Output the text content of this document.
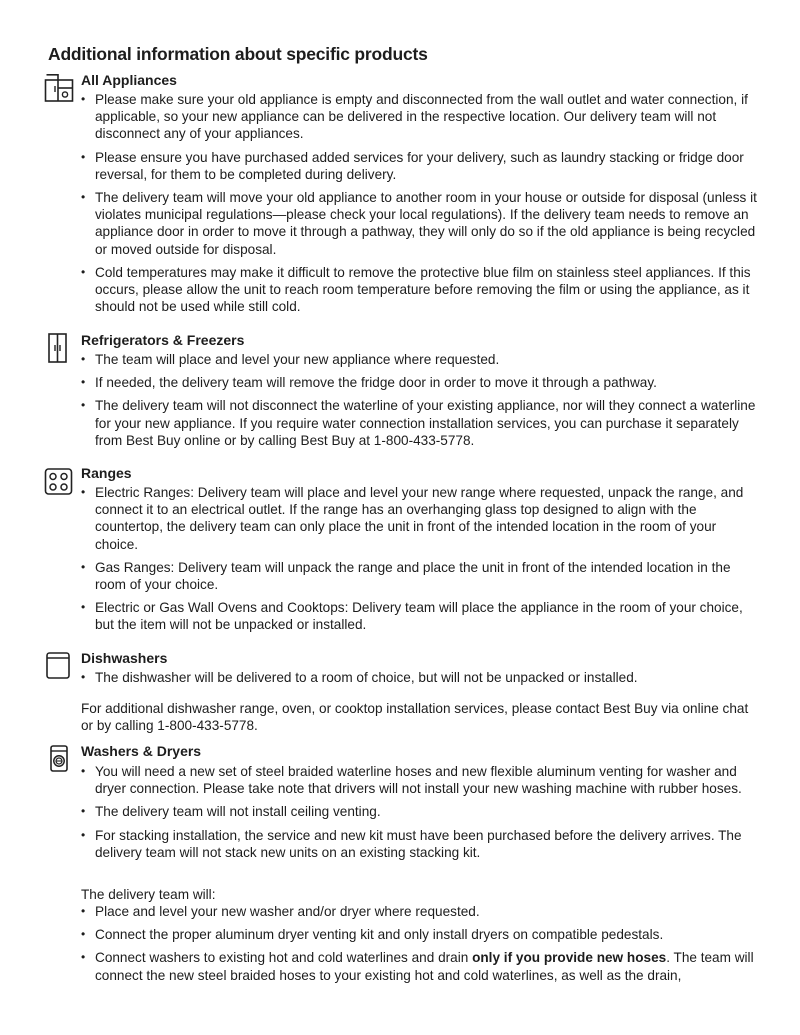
Additional information about specific products
All Appliances
• Please make sure your old appliance is empty and disconnected from the wall outlet and water connection, if applicable, so your new appliance can be delivered in the respective location. Our delivery team will not disconnect any of your appliances.
• Please ensure you have purchased added services for your delivery, such as laundry stacking or fridge door reversal, for them to be completed during delivery.
• The delivery team will move your old appliance to another room in your house or outside for disposal (unless it violates municipal regulations—please check your local regulations). If the delivery team needs to remove an appliance door in order to move it through a pathway, they will only do so if the old appliance is being recycled or moved outside for disposal.
• Cold temperatures may make it difficult to remove the protective blue film on stainless steel appliances. If this occurs, please allow the unit to reach room temperature before removing the film or using the appliance, as it should not be used while still cold.
Refrigerators & Freezers
• The team will place and level your new appliance where requested.
• If needed, the delivery team will remove the fridge door in order to move it through a pathway.
• The delivery team will not disconnect the waterline of your existing appliance, nor will they connect a waterline for your new appliance. If you require water connection installation services, you can purchase it separately from Best Buy online or by calling Best Buy at 1-800-433-5778.
Ranges
• Electric Ranges: Delivery team will place and level your new range where requested, unpack the range, and connect it to an electrical outlet. If the range has an overhanging glass top designed to align with the countertop, the delivery team can only place the unit in front of the intended location in the room of your choice.
• Gas Ranges: Delivery team will unpack the range and place the unit in front of the intended location in the room of your choice.
• Electric or Gas Wall Ovens and Cooktops: Delivery team will place the appliance in the room of your choice, but the item will not be unpacked or installed.
Dishwashers
• The dishwasher will be delivered to a room of choice, but will not be unpacked or installed.

For additional dishwasher range, oven, or cooktop installation services, please contact Best Buy via online chat or by calling 1-800-433-5778.

Washers & Dryers
• You will need a new set of steel braided waterline hoses and new flexible aluminum venting for washer and dryer connection. Please take note that drivers will not install your new washing machine with rubber hoses.
• The delivery team will not install ceiling venting.
• For stacking installation, the service and new kit must have been purchased before the delivery arrives. The delivery team will not stack new units on an existing stacking kit.

The delivery team will:

• Place and level your new washer and/or dryer where requested.
• Connect the proper aluminum dryer venting kit and only install dryers on compatible pedestals.
• Connect washers to existing hot and cold waterlines and drain only if you provide new hoses. The team will connect the new steel braided hoses to your existing hot and cold waterlines, as well as the drain,
